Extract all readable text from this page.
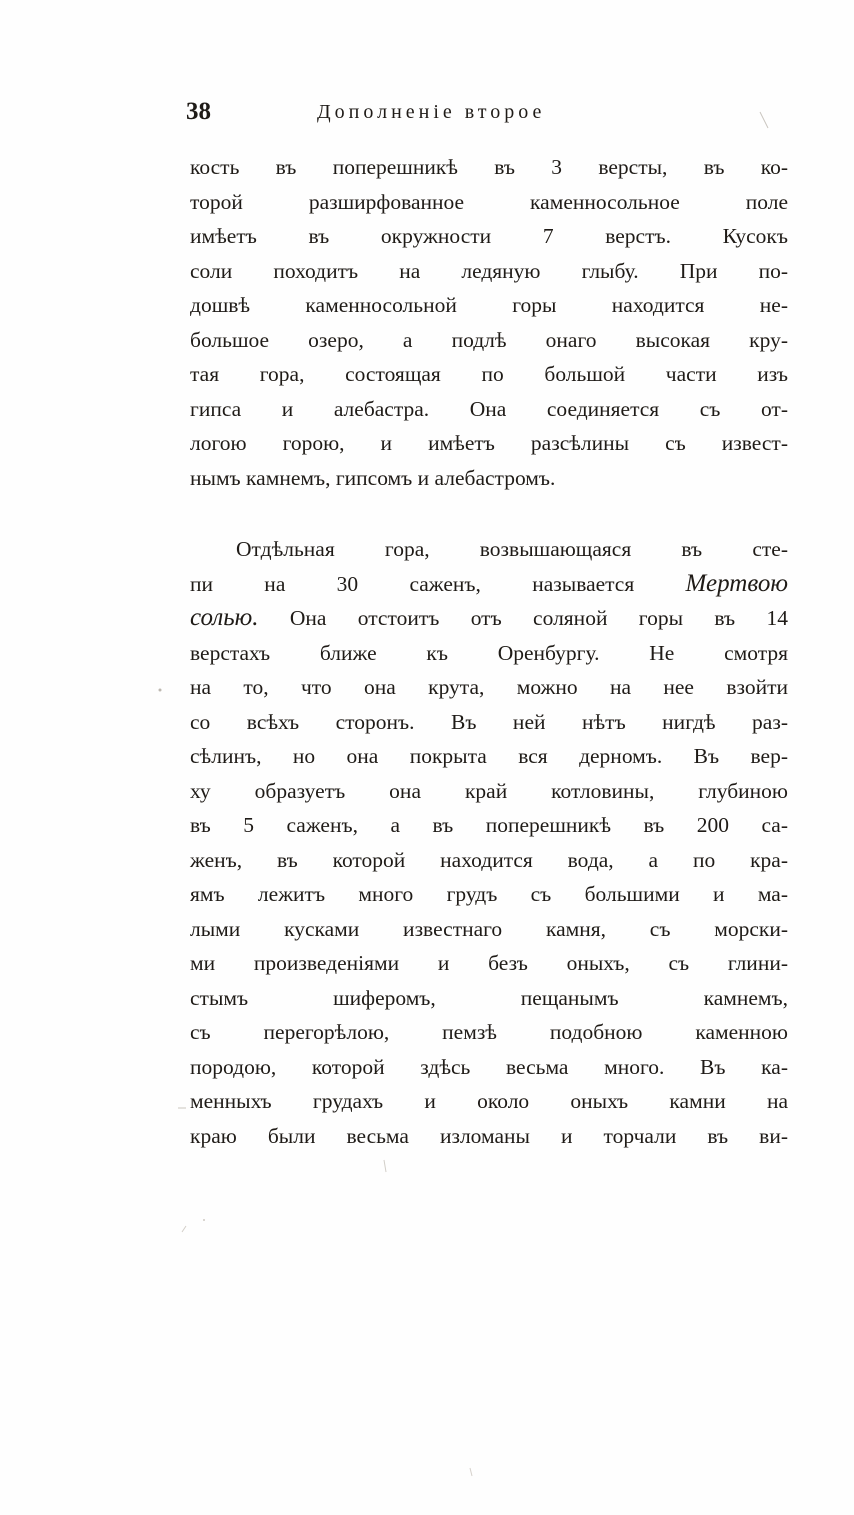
38	Дополненіе второе
кость въ поперешникѣ въ 3 версты, въ ко-
торой разширфованное каменносольное поле
имѣетъ въ окружности 7 верстъ. Кусокъ
соли походитъ на ледяную глыбу. При по-
дошвѣ каменносольной горы находится не-
большое озеро, а подлѣ онаго высокая кру-
тая гора, состоящая по большой части изъ
гипса и алебастра. Она соединяется съ от-
логою горою, и имѣетъ разсѣлины съ извест-
нымъ камнемъ, гипсомъ и алебастромъ.
Отдѣльная гора, возвышающаяся въ сте-
пи на 30 саженъ, называется Мертвою
солью. Она отстоитъ отъ соляной горы въ 14
верстахъ ближе къ Оренбургу. Не смотря
на то, что она крута, можно на нее взойти
со всѣхъ сторонъ. Въ ней нѣтъ нигдѣ раз-
сѣлинъ, но она покрыта вся дерномъ. Въ вер-
ху образуетъ она край котловины, глубиною
въ 5 саженъ, а въ поперешникѣ въ 200 са-
женъ, въ которой находится вода, а по кра-
ямъ лежитъ много грудъ съ большими и ма-
лыми кусками известнаго камня, съ морски-
ми произведеніями и безъ оныхъ, съ глини-
стымъ шиферомъ, пещанымъ камнемъ,
съ перегорѣлою, пемзѣ подобною каменною
породою, которой здѣсь весьма много. Въ ка-
менныхъ грудахъ и около оныхъ камни на
краю были весьма изломаны и торчали въ ви-
